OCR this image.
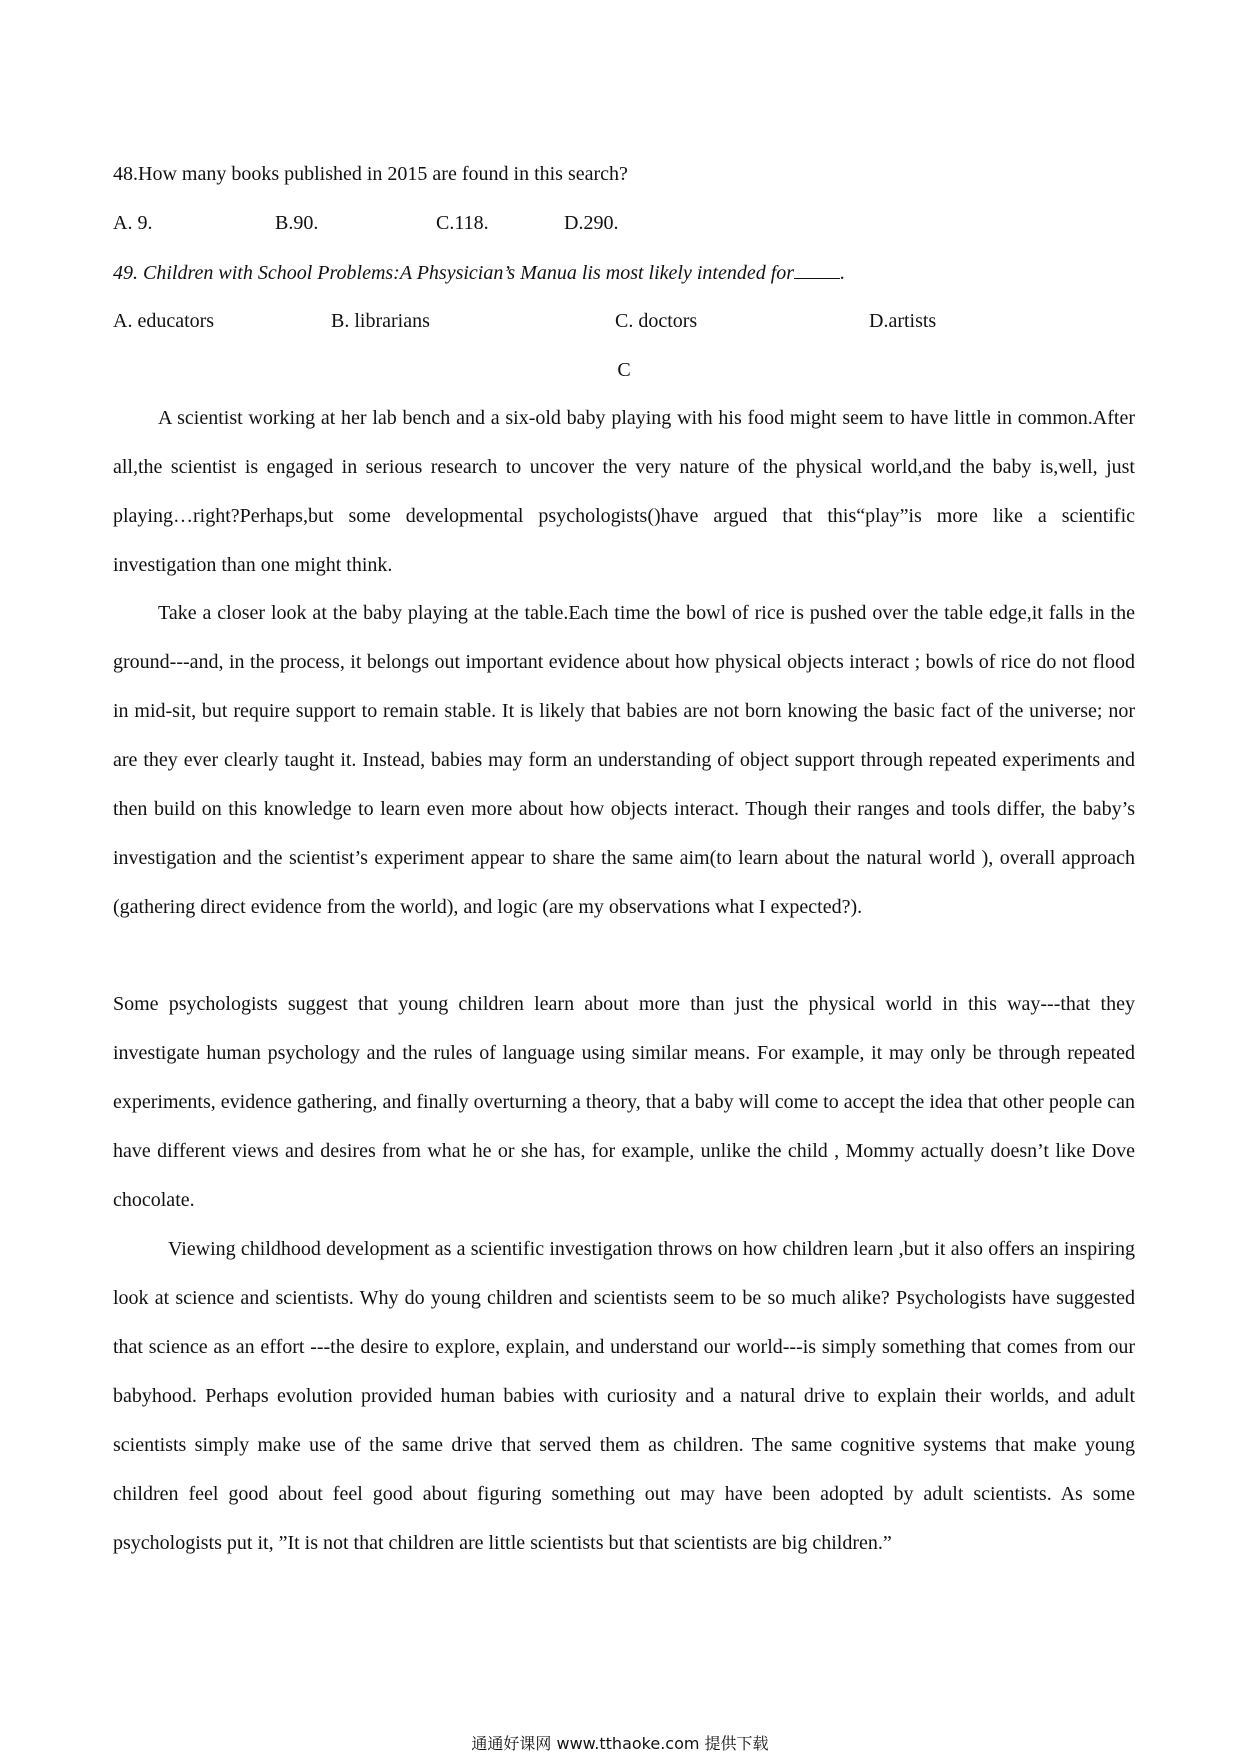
48.How many books published in 2015 are found in this search?
A. 9.	B.90.	C.118.	D.290.
49. Children with School Problems:A Phsysician’s Manua lis most likely intended for .
A. educators	B. librarians	C. doctors	D.artists
C

A scientist working at her lab bench and a six-old baby playing with his food might seem to have little in common.After all,the scientist is engaged in serious research to uncover the very nature of the physical world,and the baby is,well, just playing…right?Perhaps,but some developmental psychologists()have argued that this“play”is more like a scientific investigation than one might think.

Take a closer look at the baby playing at the table.Each time the bowl of rice is pushed over the table edge,it falls in the ground---and, in the process, it belongs out important evidence about how physical objects interact ; bowls of rice do not flood in mid-sit, but require support to remain stable. It is likely that babies are not born knowing the basic fact of the universe; nor are they ever clearly taught it. Instead, babies may form an understanding of object support through repeated experiments and then build on this knowledge to learn even more about how objects interact. Though their ranges and tools differ, the baby’s investigation and the scientist’s experiment appear to share the same aim(to learn about the natural world ), overall approach (gathering direct evidence from the world), and logic (are my observations what I expected?).

Some psychologists suggest that young children learn about more than just the physical world in this way---that they investigate human psychology and the rules of language using similar means. For example, it may only be through repeated experiments, evidence gathering, and finally overturning a theory, that a baby will come to accept the idea that other people can have different views and desires from what he or she has, for example, unlike the child , Mommy actually doesn’t like Dove chocolate.

Viewing childhood development as a scientific investigation throws on how children learn ,but it also offers an inspiring look at science and scientists. Why do young children and scientists seem to be so much alike? Psychologists have suggested that science as an effort ---the desire to explore, explain, and understand our world---is simply something that comes from our babyhood. Perhaps evolution provided human babies with curiosity and a natural drive to explain their worlds, and adult scientists simply make use of the same drive that served them as children. The same cognitive systems that make young children feel good about feel good about figuring something out may have been adopted by adult scientists. As some psychologists put it, ”It is not that children are little scientists but that scientists are big children.”

通通好课网 www.tthaoke.com 提供下载
